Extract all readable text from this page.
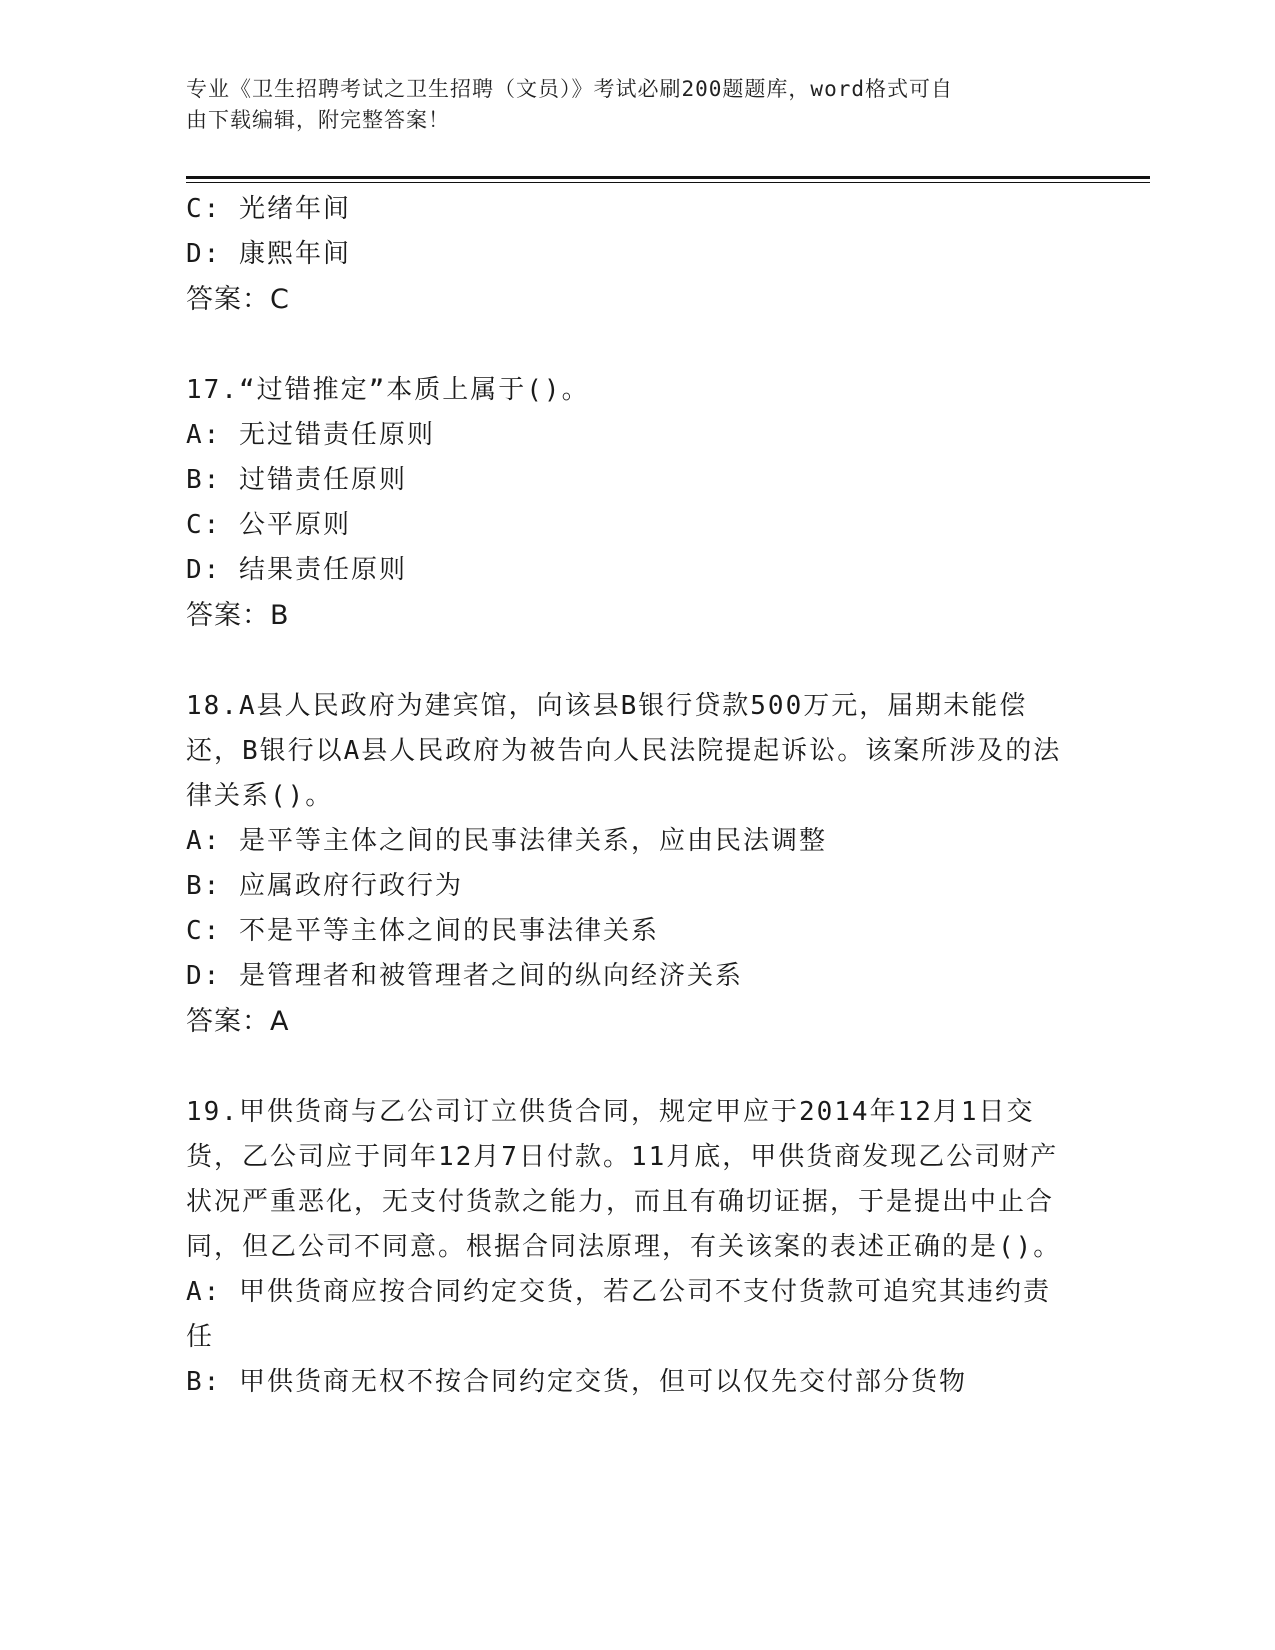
专业《卫生招聘考试之卫生招聘（文员）》考试必刷200题题库，word格式可自
由下载编辑，附完整答案！

C: 光绪年间

D: 康熙年间

答案：C

17.“过错推定”本质上属于()。

A: 无过错责任原则

B: 过错责任原则

C: 公平原则

D: 结果责任原则

答案：B

18.A县人民政府为建宾馆，向该县B银行贷款500万元，届期未能偿还，B银行以A县人民政府为被告向人民法院提起诉讼。该案所涉及的法律关系()。

A: 是平等主体之间的民事法律关系，应由民法调整

B: 应属政府行政行为

C: 不是平等主体之间的民事法律关系

D: 是管理者和被管理者之间的纵向经济关系

答案：A

19.甲供货商与乙公司订立供货合同，规定甲应于2014年12月1日交货，乙公司应于同年12月7日付款。11月底，甲供货商发现乙公司财产状况严重恶化，无支付货款之能力，而且有确切证据，于是提出中止合同，但乙公司不同意。根据合同法原理，有关该案的表述正确的是()。

A: 甲供货商应按合同约定交货，若乙公司不支付货款可追究其违约责任

B: 甲供货商无权不按合同约定交货，但可以仅先交付部分货物
